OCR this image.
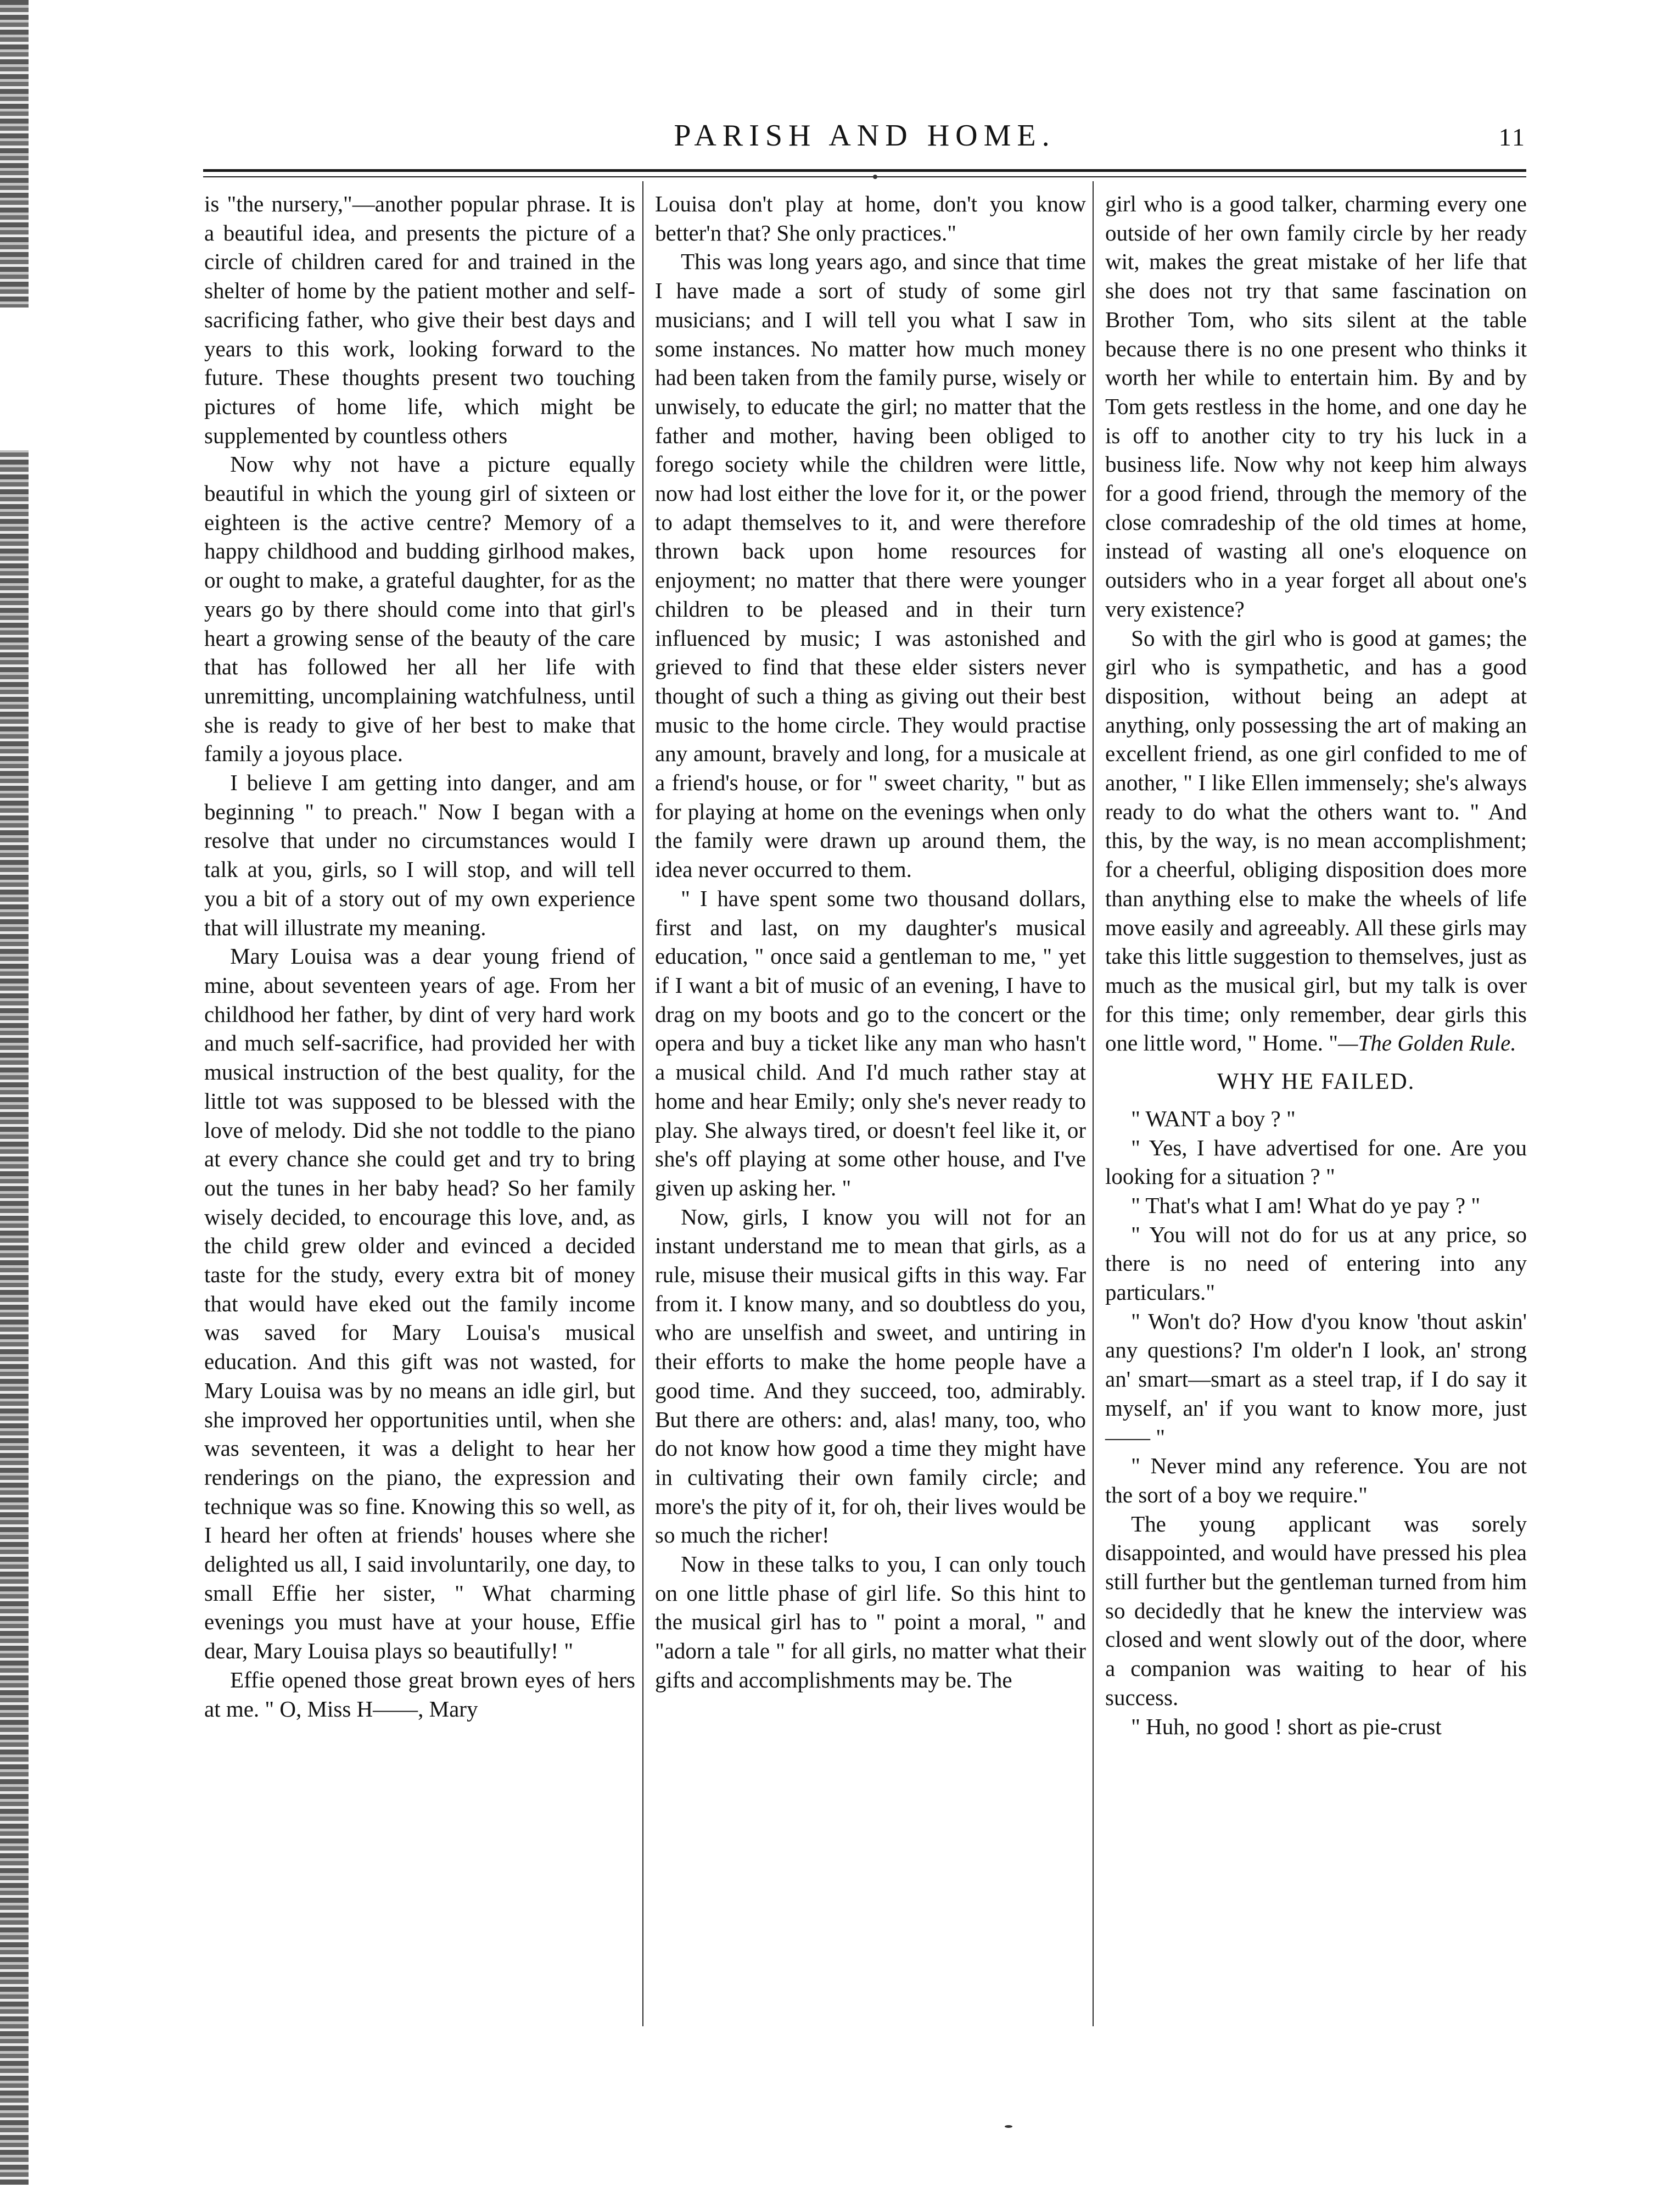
PARISH AND HOME.	11

is "the nursery,"—another popular phrase. It is a beautiful idea, and presents the picture of a circle of children cared for and trained in the shelter of home by the patient mother and self-sacrificing father, who give their best days and years to this work, looking forward to the future. These thoughts present two touching pictures of home life, which might be supplemented by countless others

Now why not have a picture equally beautiful in which the young girl of sixteen or eighteen is the active centre? Memory of a happy childhood and budding girlhood makes, or ought to make, a grateful daughter, for as the years go by there should come into that girl's heart a growing sense of the beauty of the care that has followed her all her life with unremitting, uncomplaining watchfulness, until she is ready to give of her best to make that family a joyous place.

I believe I am getting into danger, and am beginning " to preach." Now I began with a resolve that under no circumstances would I talk at you, girls, so I will stop, and will tell you a bit of a story out of my own experience that will illustrate my meaning.

Mary Louisa was a dear young friend of mine, about seventeen years of age. From her childhood her father, by dint of very hard work and much self-sacrifice, had provided her with musical instruction of the best quality, for the little tot was supposed to be blessed with the love of melody. Did she not toddle to the piano at every chance she could get and try to bring out the tunes in her baby head? So her family wisely decided, to encourage this love, and, as the child grew older and evinced a decided taste for the study, every extra bit of money that would have eked out the family income was saved for Mary Louisa's musical education. And this gift was not wasted, for Mary Louisa was by no means an idle girl, but she improved her opportunities until, when she was seventeen, it was a delight to hear her renderings on the piano, the expression and technique was so fine. Knowing this so well, as I heard her often at friends' houses where she delighted us all, I said involuntarily, one day, to small Effie her sister, " What charming evenings you must have at your house, Effie dear, Mary Louisa plays so beautifully! "

Effie opened those great brown eyes of hers at me. " O, Miss H——, Mary

Louisa don't play at home, don't you know better'n that? She only practices."

This was long years ago, and since that time I have made a sort of study of some girl musicians; and I will tell you what I saw in some instances. No matter how much money had been taken from the family purse, wisely or unwisely, to educate the girl; no matter that the father and mother, having been obliged to forego society while the children were little, now had lost either the love for it, or the power to adapt themselves to it, and were therefore thrown back upon home resources for enjoyment; no matter that there were younger children to be pleased and in their turn influenced by music; I was astonished and grieved to find that these elder sisters never thought of such a thing as giving out their best music to the home circle. They would practise any amount, bravely and long, for a musicale at a friend's house, or for " sweet charity, " but as for playing at home on the evenings when only the family were drawn up around them, the idea never occurred to them.

" I have spent some two thousand dollars, first and last, on my daughter's musical education, " once said a gentleman to me, " yet if I want a bit of music of an evening, I have to drag on my boots and go to the concert or the opera and buy a ticket like any man who hasn't a musical child. And I'd much rather stay at home and hear Emily; only she's never ready to play. She always tired, or doesn't feel like it, or she's off playing at some other house, and I've given up asking her. "

Now, girls, I know you will not for an instant understand me to mean that girls, as a rule, misuse their musical gifts in this way. Far from it. I know many, and so doubtless do you, who are unselfish and sweet, and untiring in their efforts to make the home people have a good time. And they succeed, too, admirably. But there are others: and, alas! many, too, who do not know how good a time they might have in cultivating their own family circle; and more's the pity of it, for oh, their lives would be so much the richer!

Now in these talks to you, I can only touch on one little phase of girl life. So this hint to the musical girl has to " point a moral, " and "adorn a tale " for all girls, no matter what their gifts and accomplishments may be. The

girl who is a good talker, charming every one outside of her own family circle by her ready wit, makes the great mistake of her life that she does not try that same fascination on Brother Tom, who sits silent at the table because there is no one present who thinks it worth her while to entertain him. By and by Tom gets restless in the home, and one day he is off to another city to try his luck in a business life. Now why not keep him always for a good friend, through the memory of the close comradeship of the old times at home, instead of wasting all one's eloquence on outsiders who in a year forget all about one's very existence?

So with the girl who is good at games; the girl who is sympathetic, and has a good disposition, without being an adept at anything, only possessing the art of making an excellent friend, as one girl confided to me of another, " I like Ellen immensely; she's always ready to do what the others want to. " And this, by the way, is no mean accomplishment; for a cheerful, obliging disposition does more than anything else to make the wheels of life move easily and agreeably. All these girls may take this little suggestion to themselves, just as much as the musical girl, but my talk is over for this time; only remember, dear girls this one little word, " Home. "—The Golden Rule.

WHY HE FAILED.

" WANT a boy ? "

" Yes, I have advertised for one. Are you looking for a situation ? "

" That's what I am! What do ye pay ? "

" You will not do for us at any price, so there is no need of entering into any particulars."

" Won't do? How d'you know 'thout askin' any questions? I'm older'n I look, an' strong an' smart—smart as a steel trap, if I do say it myself, an' if you want to know more, just —— "

" Never mind any reference. You are not the sort of a boy we require."

The young applicant was sorely disappointed, and would have pressed his plea still further but the gentleman turned from him so decidedly that he knew the interview was closed and went slowly out of the door, where a companion was waiting to hear of his success.

" Huh, no good ! short as pie-crust
